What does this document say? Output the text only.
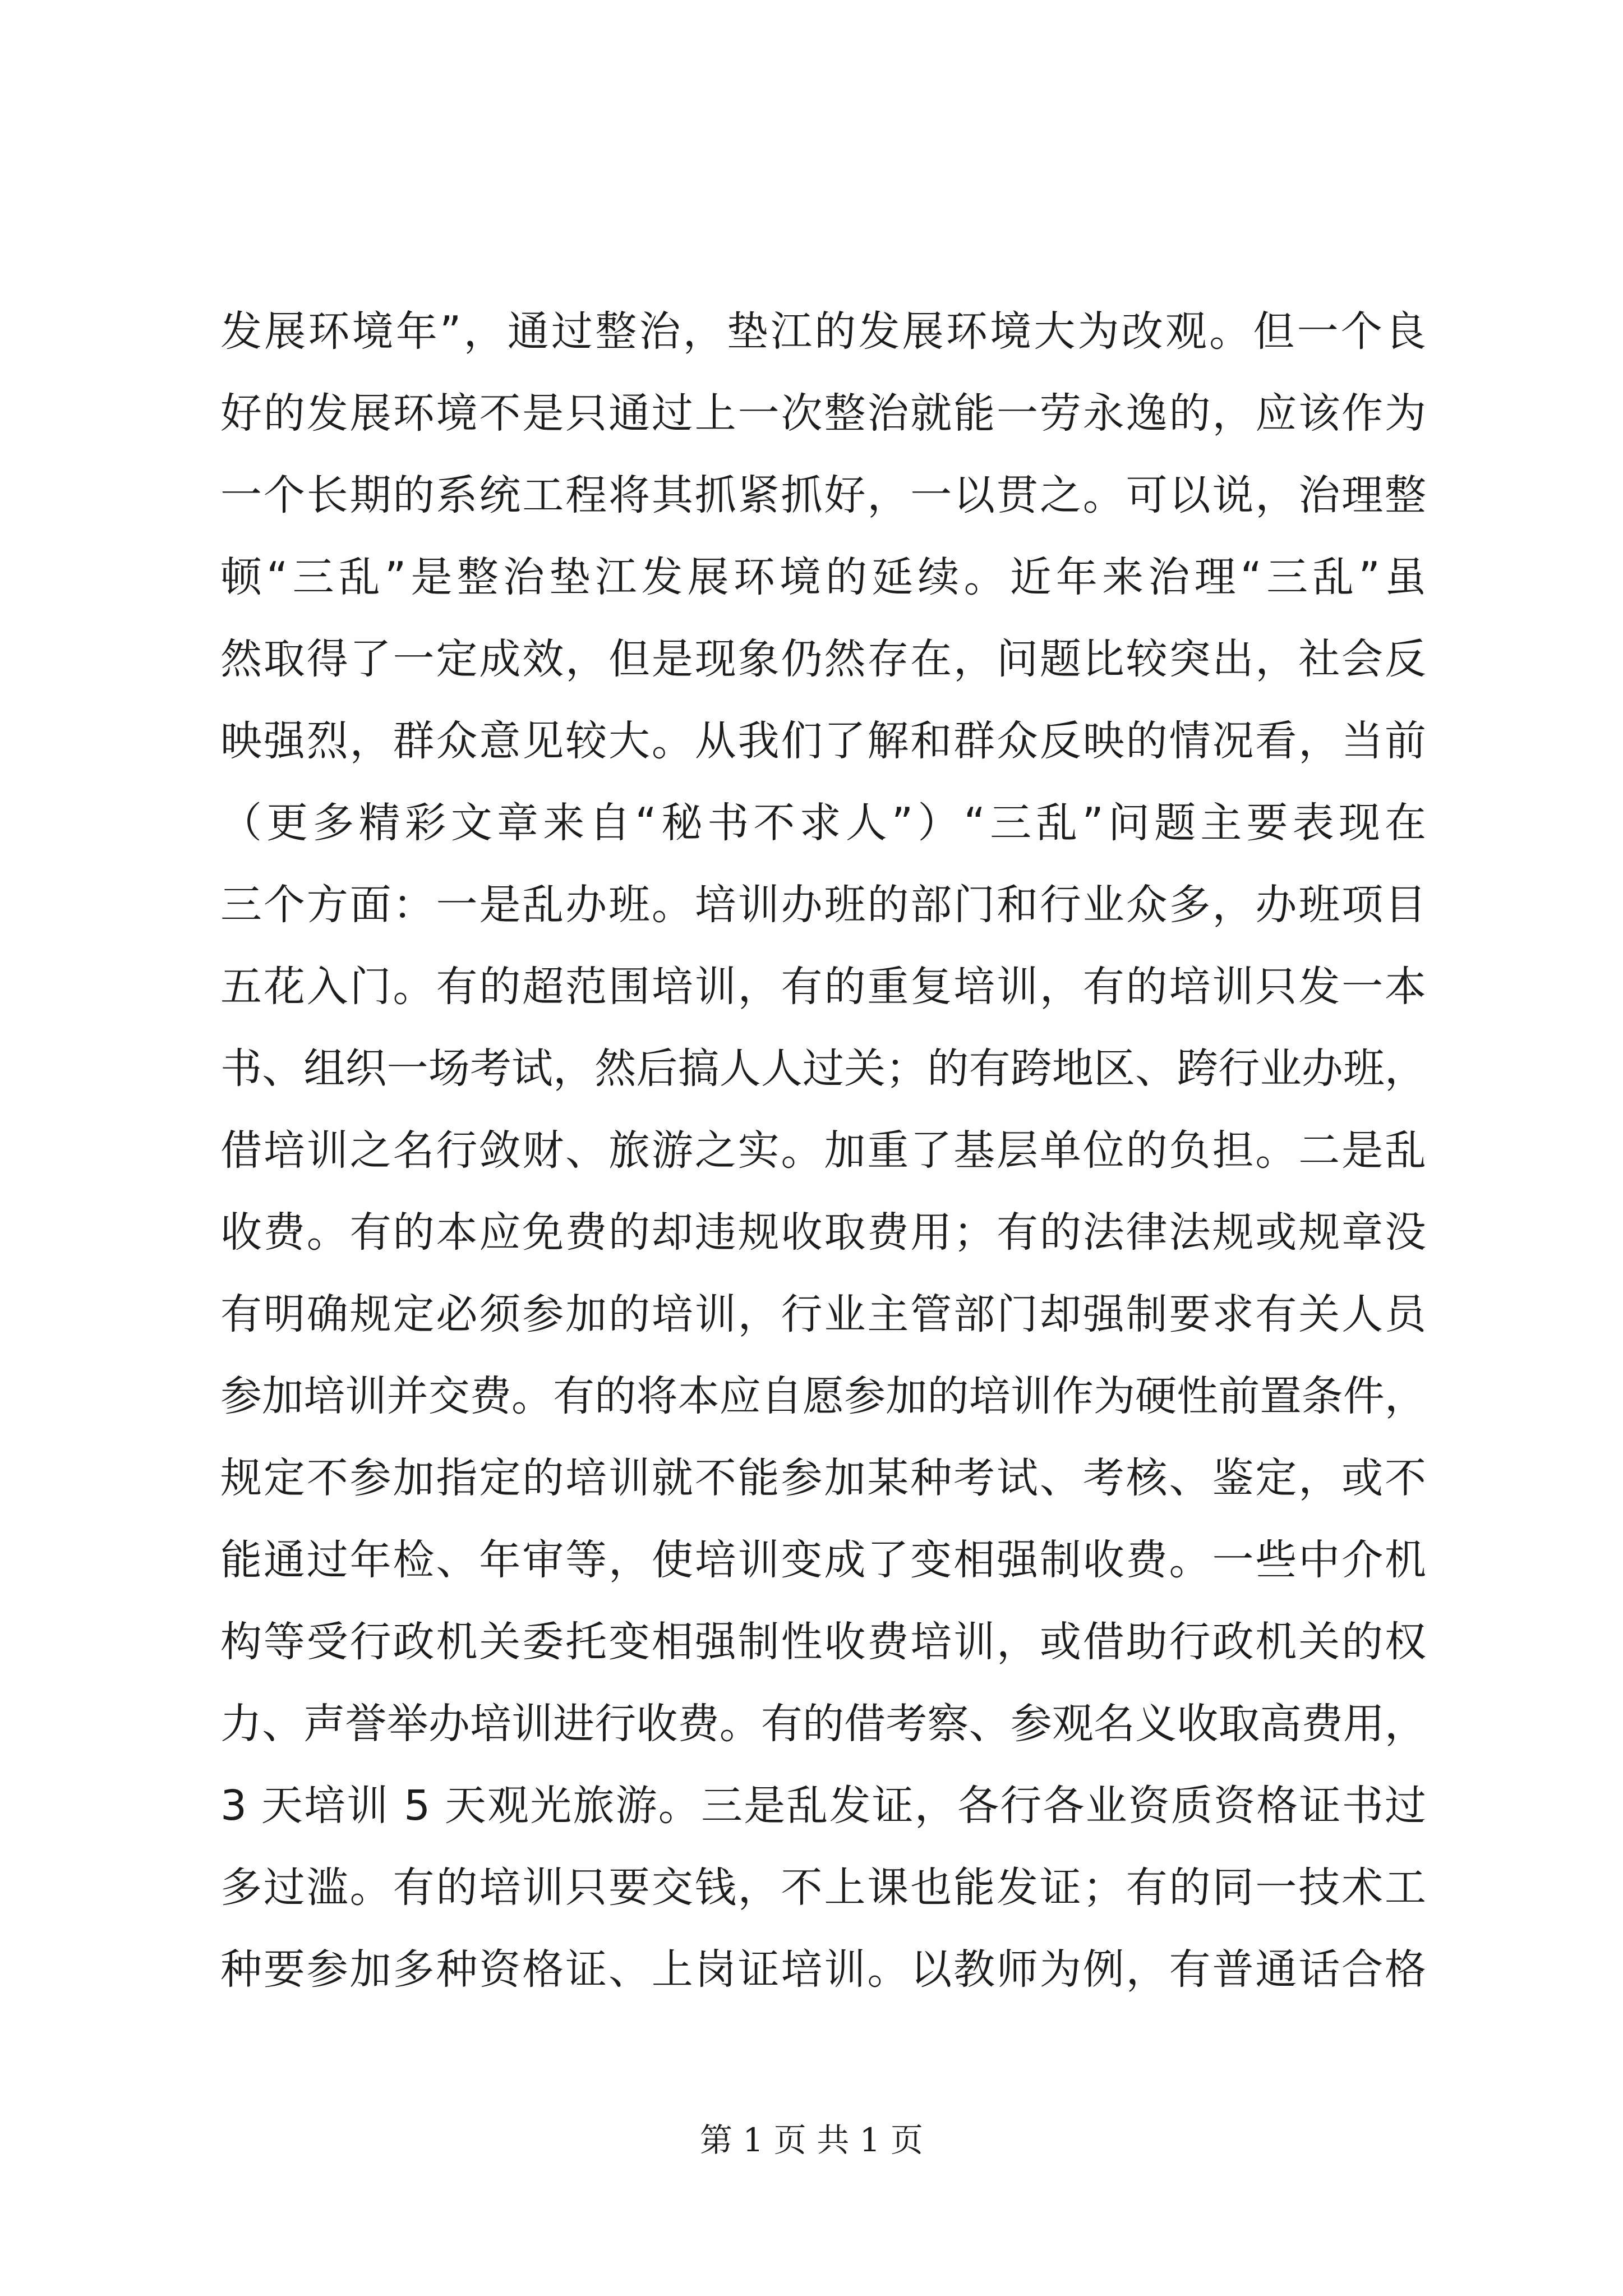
发展环境年”，通过整治，垫江的发展环境大为改观。但一个良
好的发展环境不是只通过上一次整治就能一劳永逸的，应该作为
一个长期的系统工程将其抓紧抓好，一以贯之。可以说，治理整
顿“三乱”是整治垫江发展环境的延续。近年来治理“三乱”虽
然取得了一定成效，但是现象仍然存在，问题比较突出，社会反
映强烈，群众意见较大。从我们了解和群众反映的情况看，当前
（更多精彩文章来自“秘书不求人”）“三乱”问题主要表现在
三个方面：一是乱办班。培训办班的部门和行业众多，办班项目
五花入门。有的超范围培训，有的重复培训，有的培训只发一本
书、组织一场考试，然后搞人人过关；的有跨地区、跨行业办班，
借培训之名行敛财、旅游之实。加重了基层单位的负担。二是乱
收费。有的本应免费的却违规收取费用；有的法律法规或规章没
有明确规定必须参加的培训，行业主管部门却强制要求有关人员
参加培训并交费。有的将本应自愿参加的培训作为硬性前置条件，
规定不参加指定的培训就不能参加某种考试、考核、鉴定，或不
能通过年检、年审等，使培训变成了变相强制收费。一些中介机
构等受行政机关委托变相强制性收费培训，或借助行政机关的权
力、声誉举办培训进行收费。有的借考察、参观名义收取高费用，
3 天培训 5 天观光旅游。三是乱发证，各行各业资质资格证书过
多过滥。有的培训只要交钱，不上课也能发证；有的同一技术工
种要参加多种资格证、上岗证培训。以教师为例，有普通话合格
第 1 页 共 1 页
